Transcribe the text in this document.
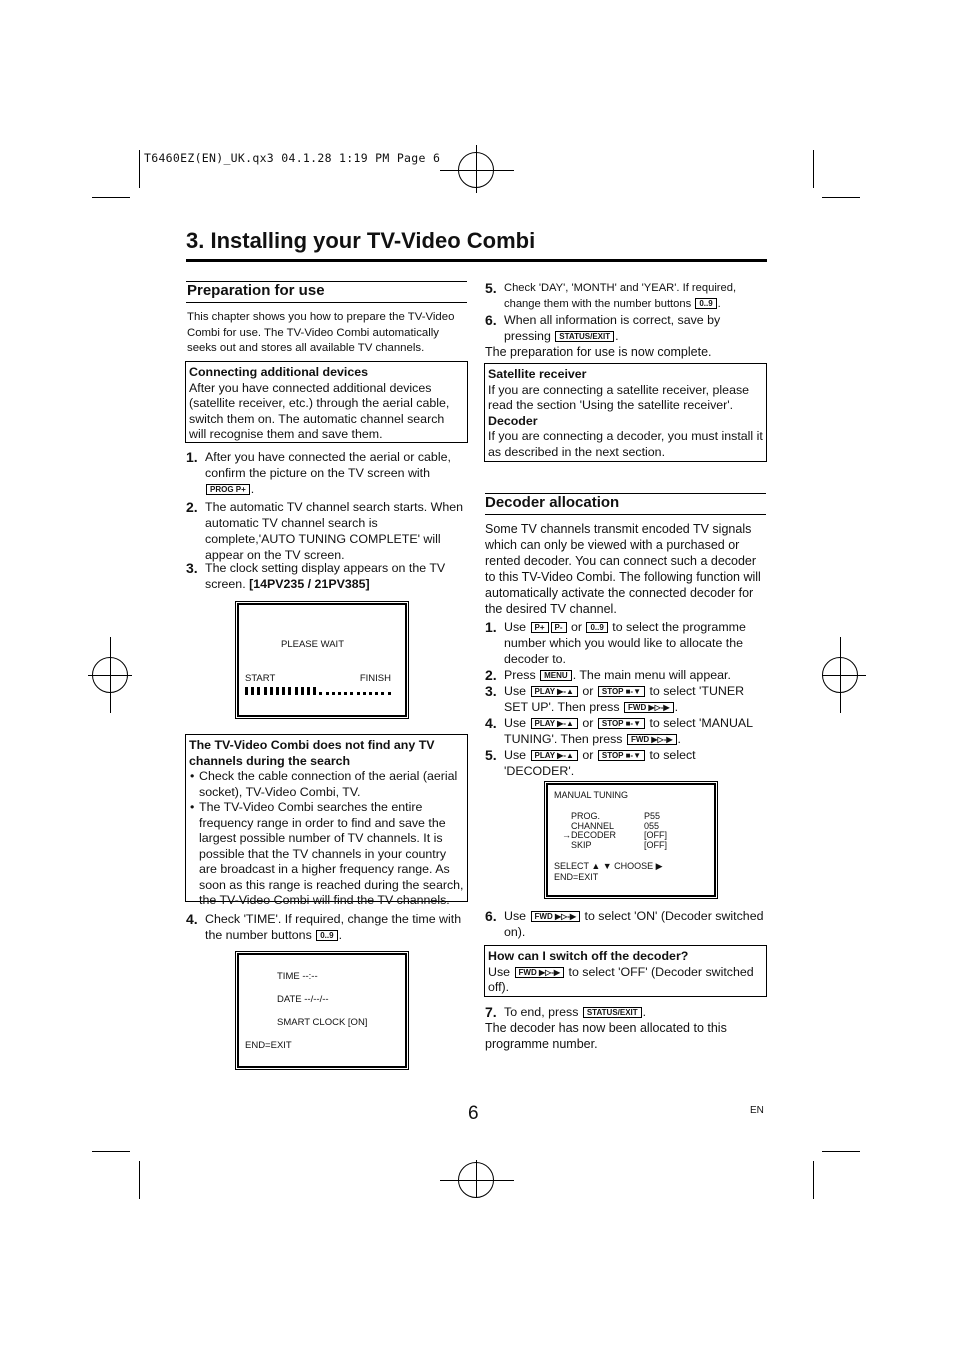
T6460EZ(EN)_UK.qx3 04.1.28 1:19 PM Page 6
3. Installing your TV-Video Combi
Preparation for use
This chapter shows you how to prepare the TV-Video Combi for use. The TV-Video Combi automatically seeks out and stores all available TV channels.
Connecting additional devices
After you have connected additional devices (satellite receiver, etc.) through the aerial cable, switch them on. The automatic channel search will recognise them and save them.
1. After you have connected the aerial or cable, confirm the picture on the TV screen with
PROG P+ .
2. The automatic TV channel search starts. When automatic TV channel search is complete,'AUTO TUNING COMPLETE' will appear on the TV screen.
3. The clock setting display appears on the TV screen. [14PV235 / 21PV385]
PLEASE WAIT
START	FINISH
The TV-Video Combi does not find any TV channels during the search
• Check the cable connection of the aerial (aerial socket), TV-Video Combi, TV.
• The TV-Video Combi searches the entire frequency range in order to find and save the largest possible number of TV channels. It is possible that the TV channels in your country are broadcast in a higher frequency range. As soon as this range is reached during the search, the TV-Video Combi will find the TV channels.
4. Check 'TIME'. If required, change the time with the number buttons 0..9 .
TIME --:--
DATE --/--/--
SMART CLOCK [ON]
END=EXIT
5. Check 'DAY', 'MONTH' and 'YEAR'. If required, change them with the number buttons 0..9 .
6. When all information is correct, save by pressing STATUS/EXIT .
The preparation for use is now complete.
Satellite receiver
If you are connecting a satellite receiver, please read the section 'Using the satellite receiver'.
Decoder
If you are connecting a decoder, you must install it as described in the next section.
Decoder allocation
Some TV channels transmit encoded TV signals which can only be viewed with a purchased or rented decoder. You can connect such a decoder to this TV-Video Combi. The following function will automatically activate the connected decoder for the desired TV channel.
1. Use P+ P- or 0..9 to select the programme number which you would like to allocate the decoder to.
2. Press MENU . The main menu will appear.
3. Use PLAY ▶-▲ or STOP ■-▼ to select 'TUNER SET UP'. Then press FWD ▶▷-▶ .
4. Use PLAY ▶-▲ or STOP ■-▼ to select 'MANUAL TUNING'. Then press FWD ▶▷-▶ .
5. Use PLAY ▶-▲ or STOP ■-▼ to select 'DECODER'.
MANUAL TUNING
PROG.	P55
CHANNEL	055
→DECODER	[OFF]
SKIP	[OFF]
SELECT ▲ ▼ CHOOSE ▶
END=EXIT
6. Use FWD ▶▷-▶ to select 'ON' (Decoder switched on).
How can I switch off the decoder?
Use FWD ▶▷-▶ to select 'OFF' (Decoder switched off).
7. To end, press STATUS/EXIT .
The decoder has now been allocated to this programme number.
6	EN
